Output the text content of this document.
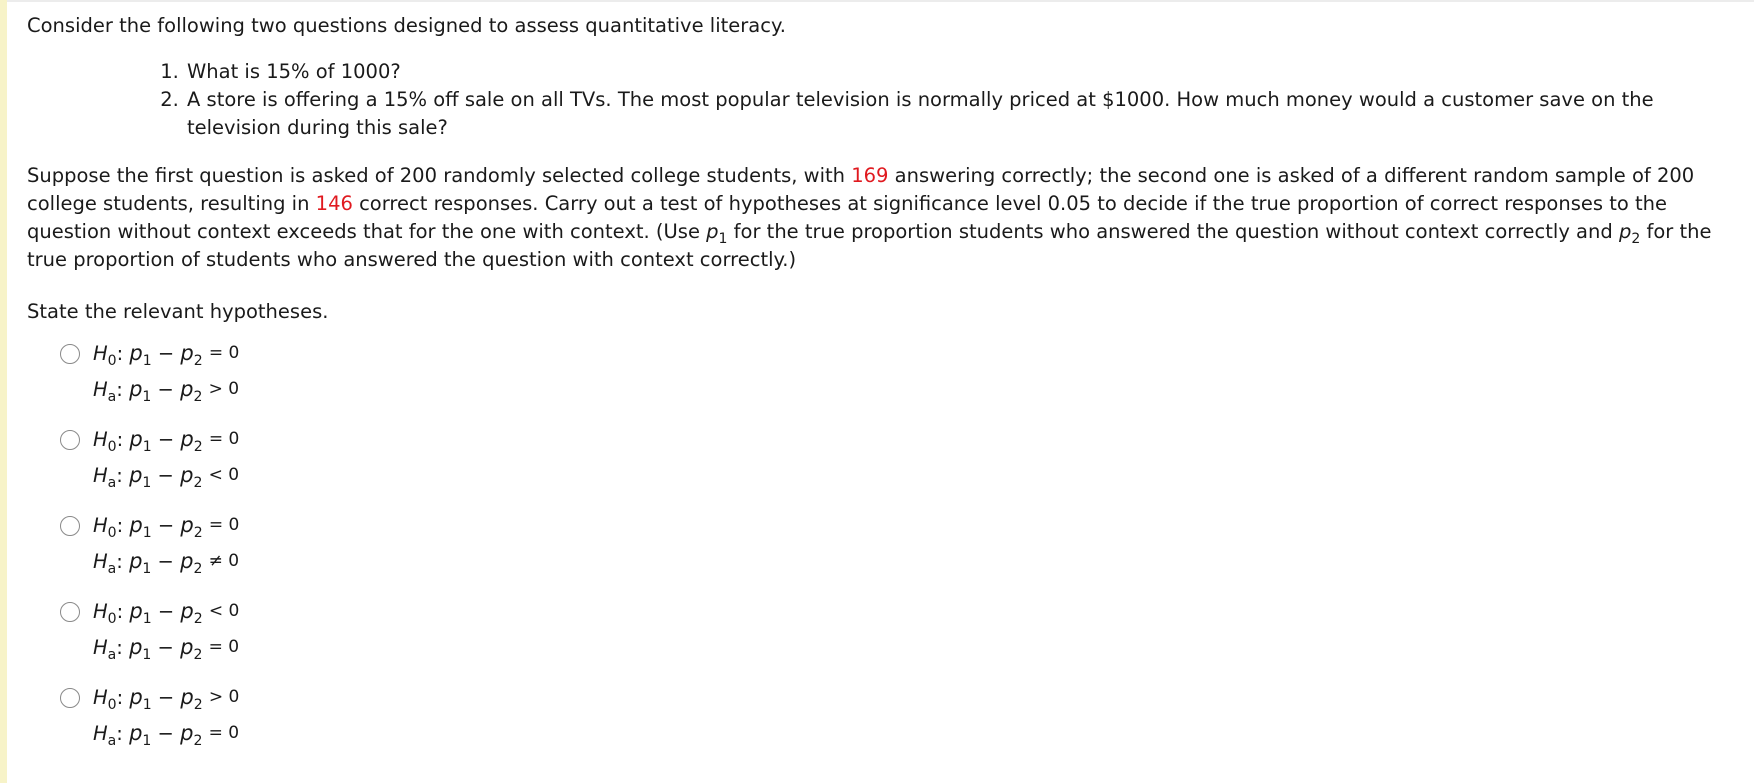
Consider the following two questions designed to assess quantitative literacy.

1. What is 15% of 1000?
2. A store is offering a 15% off sale on all TVs. The most popular television is normally priced at $1000. How much money would a customer save on the television during this sale?

Suppose the first question is asked of 200 randomly selected college students, with 169 answering correctly; the second one is asked of a different random sample of 200 college students, resulting in 146 correct responses. Carry out a test of hypotheses at significance level 0.05 to decide if the true proportion of correct responses to the question without context exceeds that for the one with context. (Use $p_1$ for the true proportion students who answered the question without context correctly and $p_2$ for the true proportion of students who answered the question with context correctly.)

State the relevant hypotheses.

$H_0$: $p_1 - p_2 = 0$
$H_a$: $p_1 - p_2 > 0$
$H_0$: $p_1 - p_2 = 0$
$H_a$: $p_1 - p_2 < 0$
$H_0$: $p_1 - p_2 = 0$
$H_a$: $p_1 - p_2 \ne 0$
$H_0$: $p_1 - p_2 < 0$
$H_a$: $p_1 - p_2 = 0$
$H_0$: $p_1 - p_2 > 0$
$H_a$: $p_1 - p_2 = 0$
